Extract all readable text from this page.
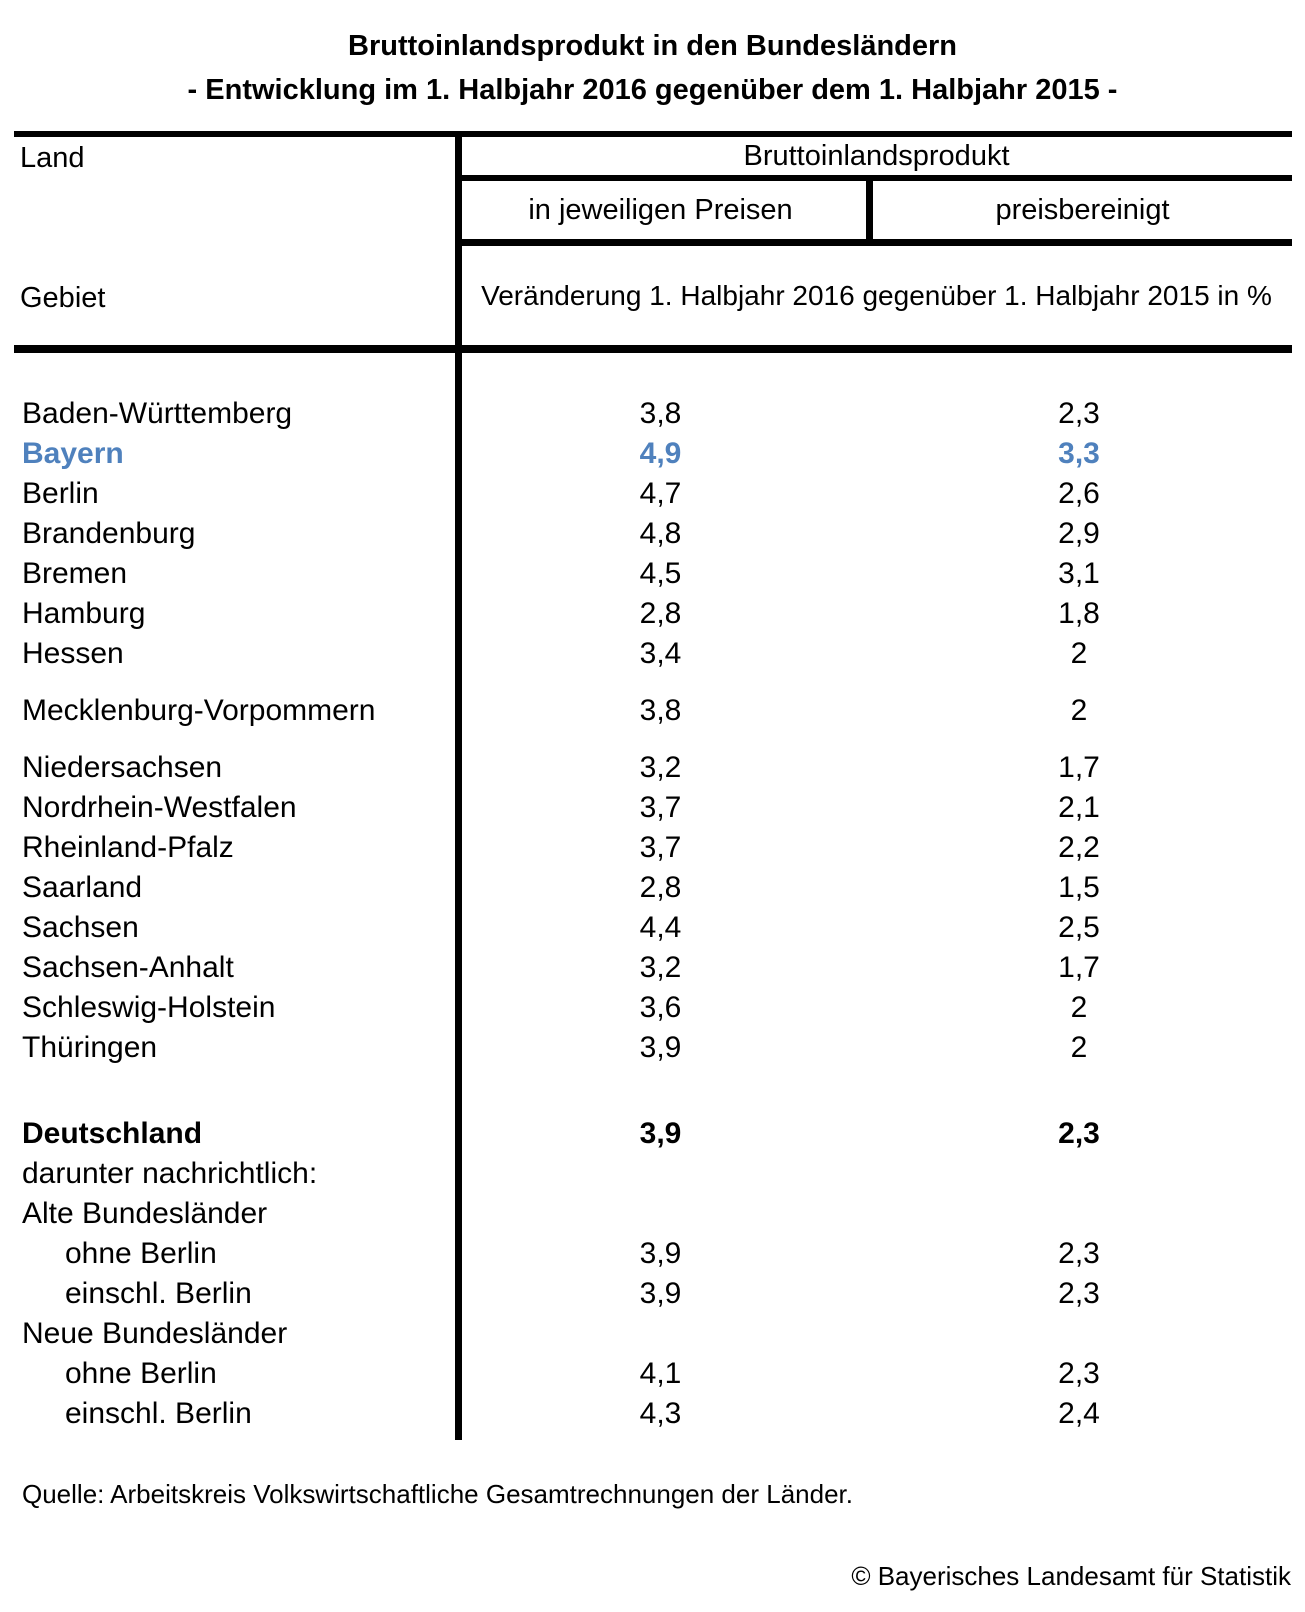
Bruttoinlandsprodukt in den Bundesländern
- Entwicklung im 1. Halbjahr 2016 gegenüber dem 1. Halbjahr 2015 -
Land	Bruttoinlandsprodukt
in jeweiligen Preisen	preisbereinigt
Gebiet	Veränderung 1. Halbjahr 2016 gegenüber 1. Halbjahr 2015 in %
Baden-Württemberg	3,8	2,3
Bayern	4,9	3,3
Berlin	4,7	2,6
Brandenburg	4,8	2,9
Bremen	4,5	3,1
Hamburg	2,8	1,8
Hessen	3,4	2
Mecklenburg-Vorpommern	3,8	2
Niedersachsen	3,2	1,7
Nordrhein-Westfalen	3,7	2,1
Rheinland-Pfalz	3,7	2,2
Saarland	2,8	1,5
Sachsen	4,4	2,5
Sachsen-Anhalt	3,2	1,7
Schleswig-Holstein	3,6	2
Thüringen	3,9	2
Deutschland	3,9	2,3
darunter nachrichtlich:
Alte Bundesländer
ohne Berlin	3,9	2,3
einschl. Berlin	3,9	2,3
Neue Bundesländer
ohne Berlin	4,1	2,3
einschl. Berlin	4,3	2,4
Quelle: Arbeitskreis Volkswirtschaftliche Gesamtrechnungen der Länder.
© Bayerisches Landesamt für Statistik
